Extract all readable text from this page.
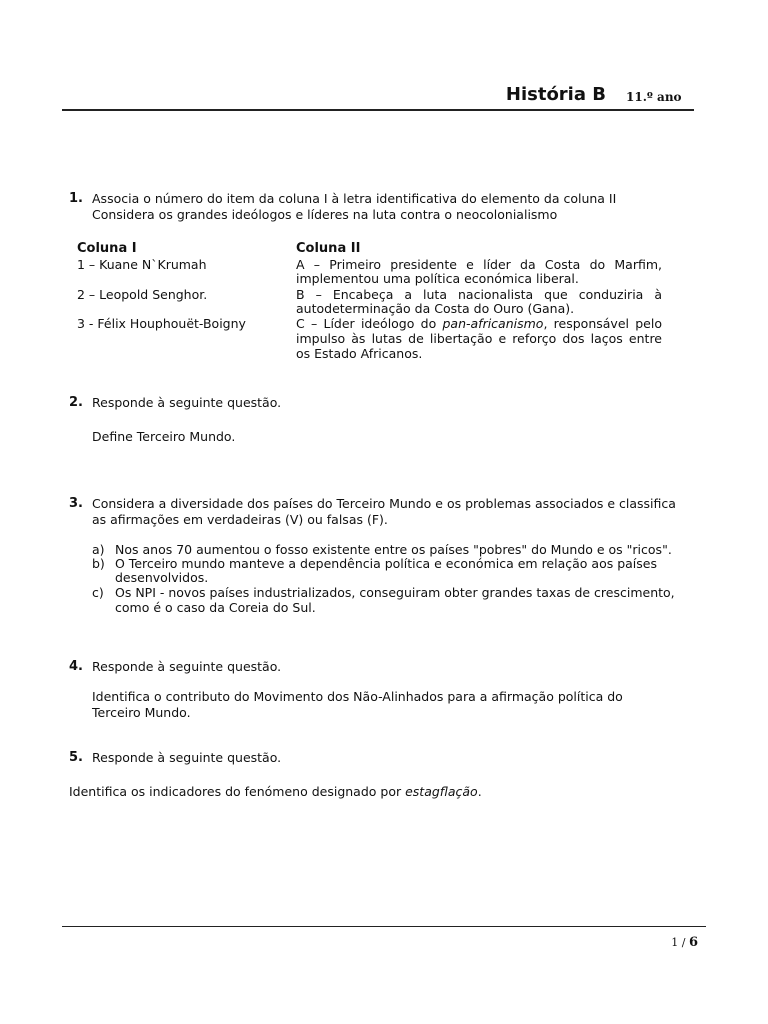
História B 11.º ano
1. Associa o número do item da coluna I à letra identificativa do elemento da coluna II
Considera os grandes ideólogos e líderes na luta contra o neocolonialismo
Coluna I	Coluna II
1 – Kuane N`Krumah	A – Primeiro presidente e líder da Costa do Marfim,
implementou uma política económica liberal.
2 – Leopold Senghor.	B – Encabeça a luta nacionalista que conduziria à
autodeterminação da Costa do Ouro (Gana).
3 - Félix Houphouët-Boigny	C – Líder ideólogo do pan-africanismo, responsável pelo
impulso às lutas de libertação e reforço dos laços entre
os Estado Africanos.
2. Responde à seguinte questão.
Define Terceiro Mundo.
3. Considera a diversidade dos países do Terceiro Mundo e os problemas associados e classifica
as afirmações em verdadeiras (V) ou falsas (F).
a) Nos anos 70 aumentou o fosso existente entre os países "pobres" do Mundo e os "ricos".
b) O Terceiro mundo manteve a dependência política e económica em relação aos países
desenvolvidos.
c) Os NPI - novos países industrializados, conseguiram obter grandes taxas de crescimento,
como é o caso da Coreia do Sul.
4. Responde à seguinte questão.
Identifica o contributo do Movimento dos Não-Alinhados para a afirmação política do
Terceiro Mundo.
5. Responde à seguinte questão.
Identifica os indicadores do fenómeno designado por estagflação.
1 / 6
